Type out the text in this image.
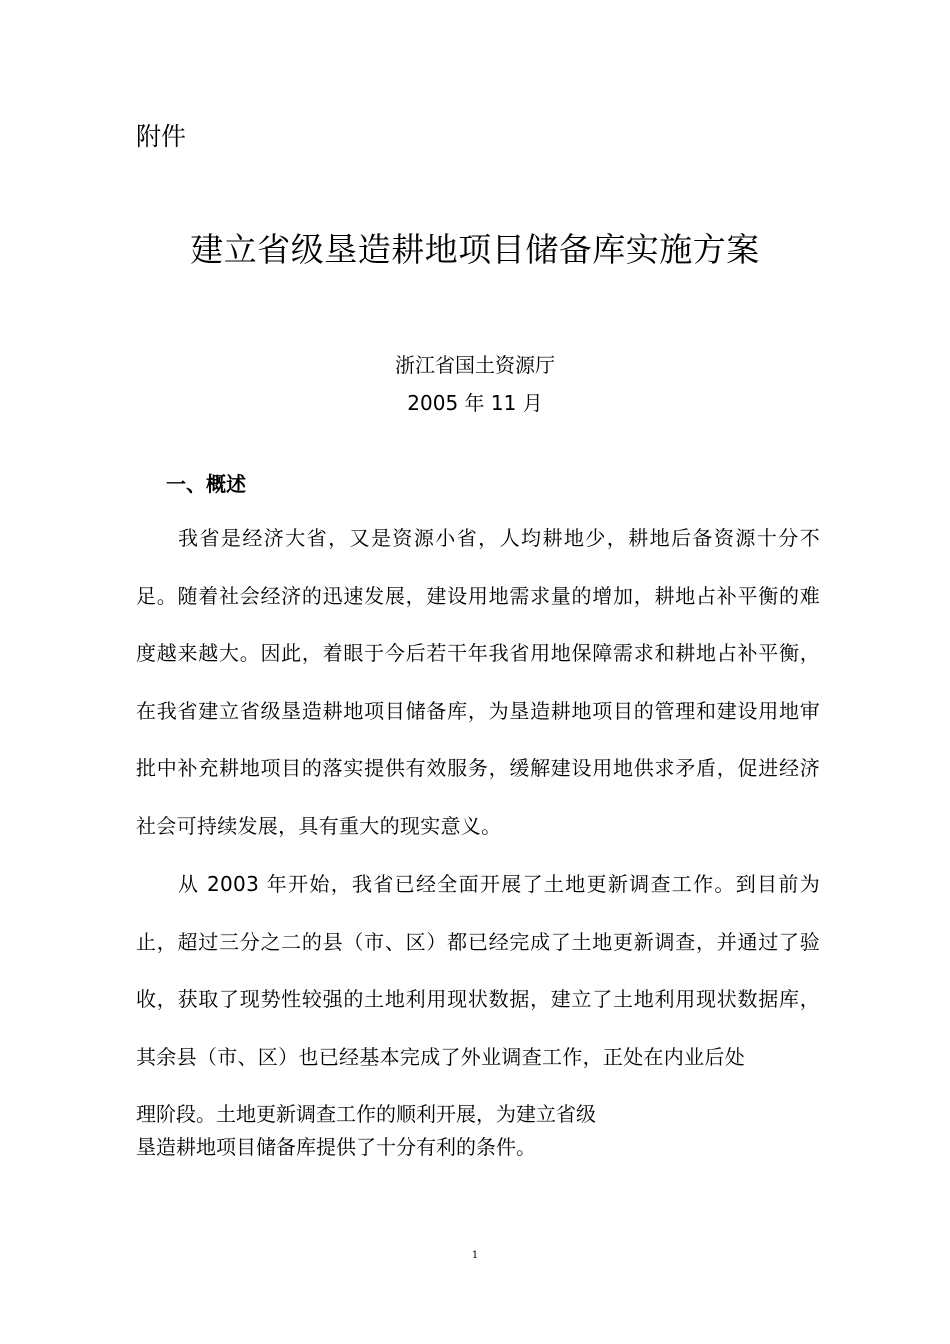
附件
建立省级垦造耕地项目储备库实施方案
浙江省国土资源厅
2005 年 11 月
一、概述

我省是经济大省，又是资源小省，人均耕地少，耕地后备资源十分不足。随着社会经济的迅速发展，建设用地需求量的增加，耕地占补平衡的难度越来越大。因此，着眼于今后若干年我省用地保障需求和耕地占补平衡，在我省建立省级垦造耕地项目储备库，为垦造耕地项目的管理和建设用地审批中补充耕地项目的落实提供有效服务，缓解建设用地供求矛盾，促进经济社会可持续发展，具有重大的现实意义。

从 2003 年开始，我省已经全面开展了土地更新调查工作。到目前为止，超过三分之二的县（市、区）都已经完成了土地更新调查，并通过了验收，获取了现势性较强的土地利用现状数据，建立了土地利用现状数据库，其余县（市、区）也已经基本完成了外业调查工作，正处在内业后处

理阶段。土地更新调查工作的顺利开展，为建立省级
垦造耕地项目储备库提供了十分有利的条件。
1
